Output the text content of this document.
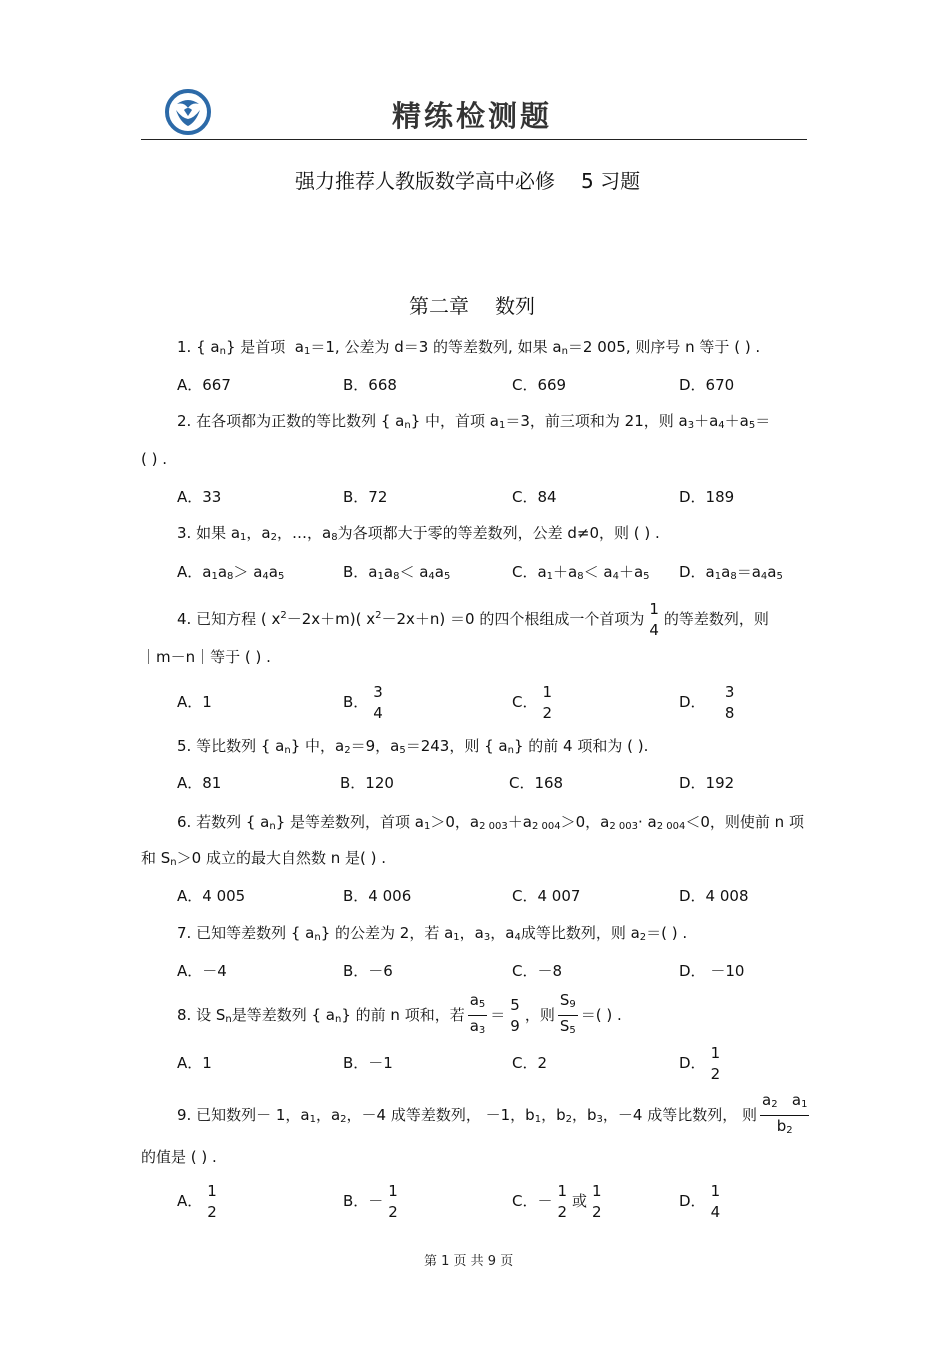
精练检测题
强力推荐人教版数学高中必修 5 习题
第二章 数列
1. { $a_n$} 是首项 $a_1=1$, 公差为 d＝3 的等差数列, 如果 $a_n=2$ 005, 则序号 n 等于 ( ) .
A．667	B．668	C．669	D．670
2. 在各项都为正数的等比数列 { $a_n$} 中，首项 $a_1=3$，前三项和为 21，则 $a_3+a_4+a_5=$
( ) .
A．33	B．72	C．84	D．189
3. 如果 $a_1$，$a_2$，…，$a_8$为各项都大于零的等差数列，公差 d≠0，则 ( ) .
A．$a_1a_8> a_4a_5$	B．$a_1a_8< a_4a_5$	C．$a_1+a_8< a_4+a_5$ D．$a_1a_8=a_4a_5$
4. 已知方程 ( $x^2-2x+m$)( $x^2-2x+n) =0$ 的四个根组成一个首项为
1
4
的等差数列，则
｜m－n｜等于 ( ) .
A．1	B．
3
4
C．
1
2
D．
3
8
5. 等比数列 { $a_n$} 中，$a_2=9$，$a_5=243$，则 { $a_n$} 的前 4 项和为 ( ).
A．81	B．120	C．168	D．192
6. 若数列 { $a_n$} 是等差数列，首项 $a_1>0$，$a_{2 003}+a_{2 004}>0$，$a_{2 003}\cdot a_{2 004}<0$，则使前 n 项
和 $S_n>0$ 成立的最大自然数 n 是( ) .
A．4 005	B．4 006	C．4 007	D．4 008
7. 已知等差数列 { $a_n$} 的公差为 2，若 $a_1$，$a_3$，$a_4$成等比数列，则 $a_2=$( ) .
A．－4	B．－6	C．－8	D． －10
8. 设 $S_n$是等差数列 { $a_n$} 的前 n 项和，若 $\frac{a_5}{a_3}$ ＝
5
9
，则 $\frac{S_9}{S_5}$ ＝( ) .
A．1	B．－1	C．2	D．
1
2
9. 已知数列－ 1，$a_1$，$a_2$，－4 成等差数列， －1，$b_1$，$b_2$，$b_3$，－4 成等比数列， 则 $\frac{a_2 a_1}{b_2}$
的值是 ( ) .
A．
1
2
B．－
1
2
C．－
1
2
或
1
2
D．
1
4
第 1 页 共 9 页
